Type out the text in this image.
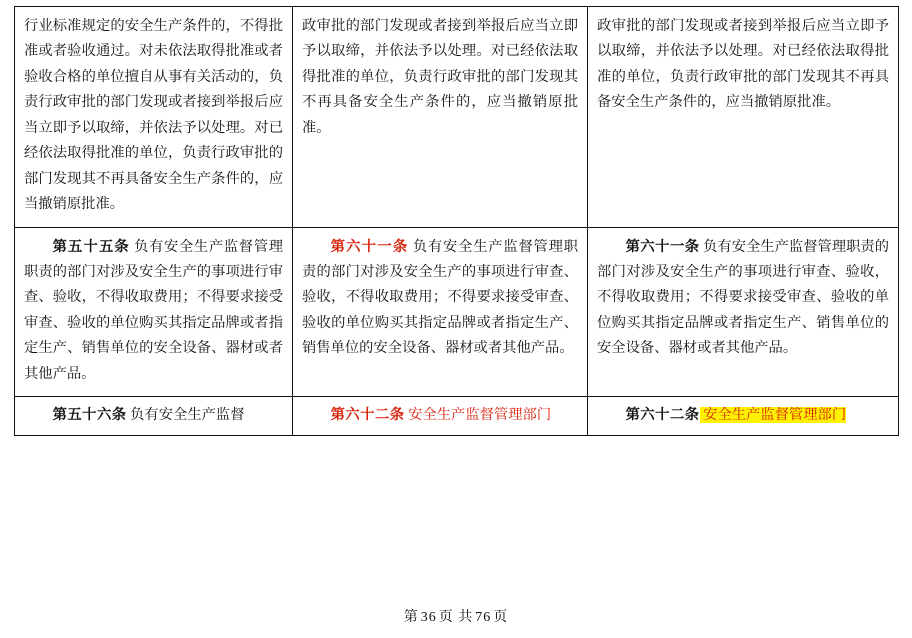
行业标准规定的安全生产条件的，不得批准或者验收通过。对未依法取得批准或者验收合格的单位擅自从事有关活动的，负责行政审批的部门发现或者接到举报后应当立即予以取缔，并依法予以处理。对已经依法取得批准的单位，负责行政审批的部门发现其不再具备安全生产条件的，应当撤销原批准。	政审批的部门发现或者接到举报后应当立即予以取缔，并依法予以处理。对已经依法取得批准的单位，负责行政审批的部门发现其不再具备安全生产条件的，应当撤销原批准。	政审批的部门发现或者接到举报后应当立即予以取缔，并依法予以处理。对已经依法取得批准的单位，负责行政审批的部门发现其不再具备安全生产条件的，应当撤销原批准。

第五十五条 负有安全生产监督管理职责的部门对涉及安全生产的事项进行审查、验收，不得收取费用；不得要求接受审查、验收的单位购买其指定品牌或者指定生产、销售单位的安全设备、器材或者其他产品。	第六十一条 负有安全生产监督管理职责的部门对涉及安全生产的事项进行审查、验收，不得收取费用；不得要求接受审查、验收的单位购买其指定品牌或者指定生产、销售单位的安全设备、器材或者其他产品。	第六十一条 负有安全生产监督管理职责的部门对涉及安全生产的事项进行审查、验收，不得收取费用；不得要求接受审查、验收的单位购买其指定品牌或者指定生产、销售单位的安全设备、器材或者其他产品。

第五十六条 负有安全生产监督	第六十二条 安全生产监督管理部门	第六十二条 安全生产监督管理部门

第 36 页 共 76 页
